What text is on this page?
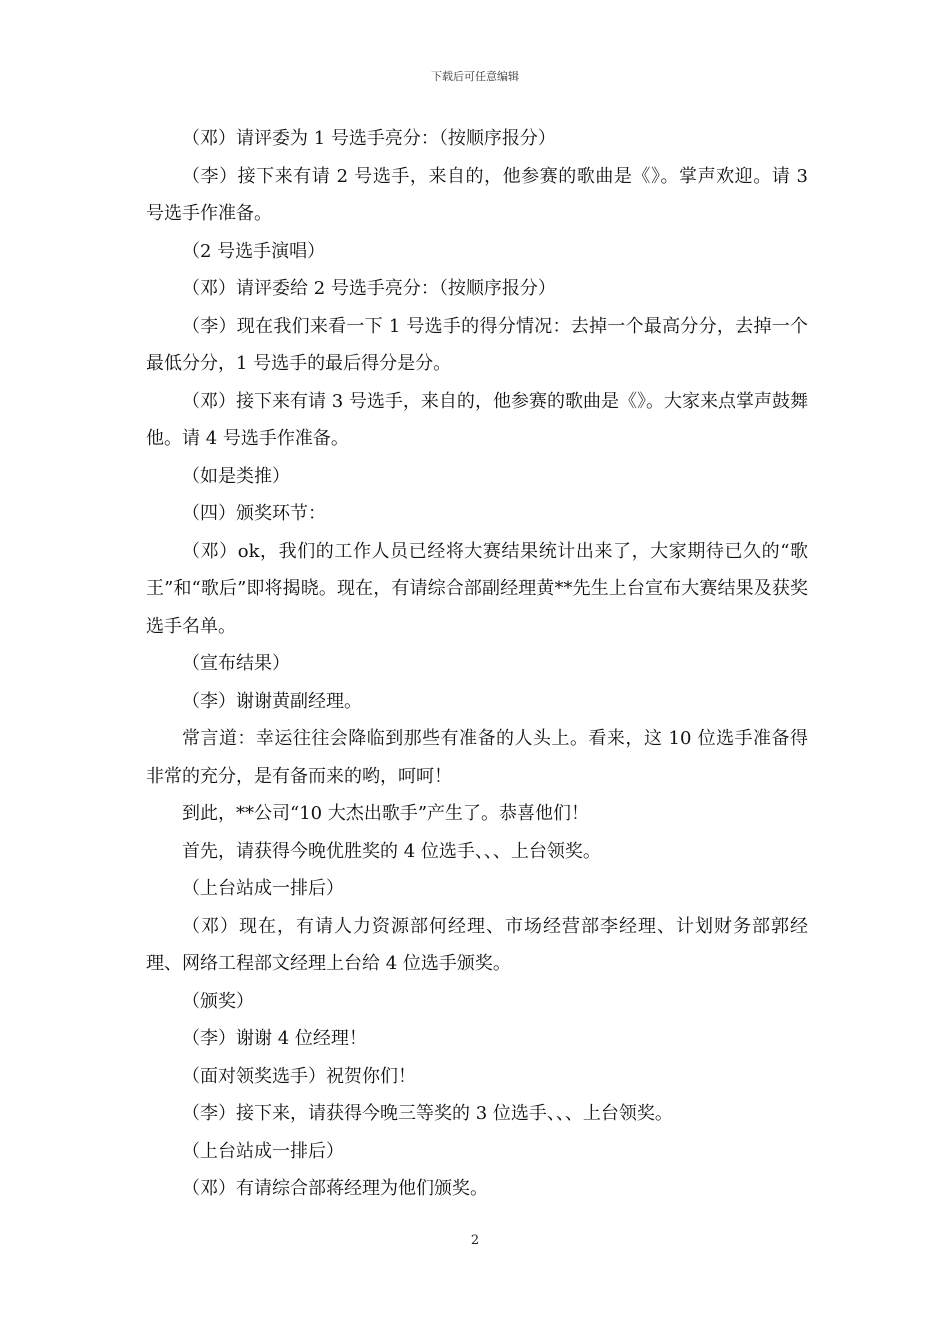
下载后可任意编辑

（邓）请评委为 1 号选手亮分：（按顺序报分）

（李）接下来有请 2 号选手，来自的，他参赛的歌曲是《》。掌声欢迎。请 3 号选手作准备。

（2 号选手演唱）

（邓）请评委给 2 号选手亮分：（按顺序报分）

（李）现在我们来看一下 1 号选手的得分情况：去掉一个最高分分，去掉一个最低分分，1 号选手的最后得分是分。

（邓）接下来有请 3 号选手，来自的，他参赛的歌曲是《》。大家来点掌声鼓舞他。请 4 号选手作准备。

（如是类推）

（四）颁奖环节：

（邓）ok，我们的工作人员已经将大赛结果统计出来了，大家期待已久的“歌王”和“歌后”即将揭晓。现在，有请综合部副经理黄**先生上台宣布大赛结果及获奖选手名单。

（宣布结果）

（李）谢谢黄副经理。

常言道：幸运往往会降临到那些有准备的人头上。看来，这 10 位选手准备得非常的充分，是有备而来的哟，呵呵！

到此，**公司“10 大杰出歌手”产生了。恭喜他们！

首先，请获得今晚优胜奖的 4 位选手、、、上台领奖。

（上台站成一排后）

（邓）现在，有请人力资源部何经理、市场经营部李经理、计划财务部郭经理、网络工程部文经理上台给 4 位选手颁奖。

（颁奖）

（李）谢谢 4 位经理！

（面对领奖选手）祝贺你们！

（李）接下来，请获得今晚三等奖的 3 位选手、、、上台领奖。

（上台站成一排后）

（邓）有请综合部蒋经理为他们颁奖。

2
